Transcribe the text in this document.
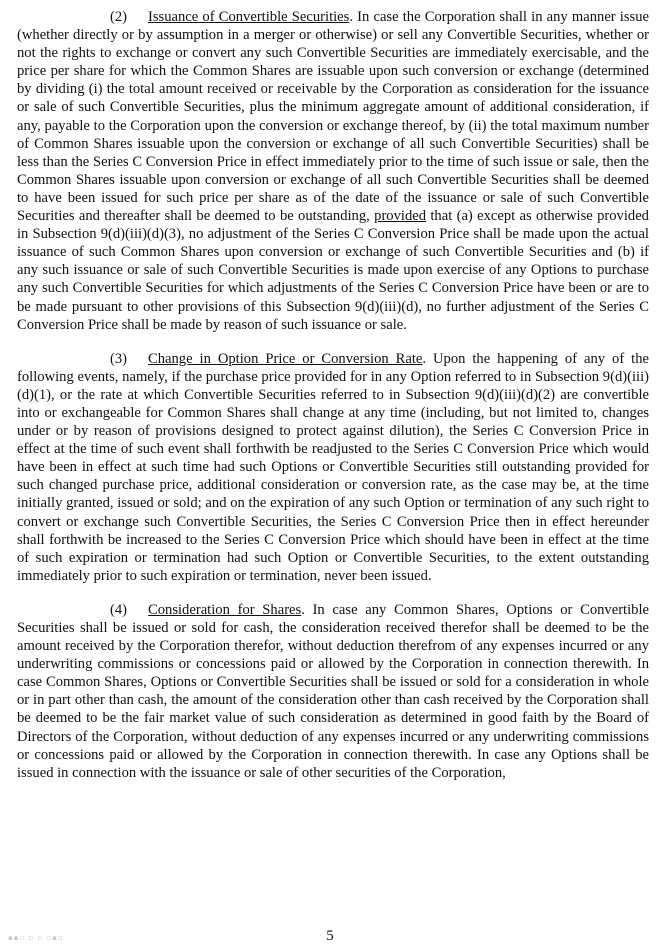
(2) Issuance of Convertible Securities. In case the Corporation shall in any manner issue (whether directly or by assumption in a merger or otherwise) or sell any Convertible Securities, whether or not the rights to exchange or convert any such Convertible Securities are immediately exercisable, and the price per share for which the Common Shares are issuable upon such conversion or exchange (determined by dividing (i) the total amount received or receivable by the Corporation as consideration for the issuance or sale of such Convertible Securities, plus the minimum aggregate amount of additional consideration, if any, payable to the Corporation upon the conversion or exchange thereof, by (ii) the total maximum number of Common Shares issuable upon the conversion or exchange of all such Convertible Securities) shall be less than the Series C Conversion Price in effect immediately prior to the time of such issue or sale, then the Common Shares issuable upon conversion or exchange of all such Convertible Securities shall be deemed to have been issued for such price per share as of the date of the issuance or sale of such Convertible Securities and thereafter shall be deemed to be outstanding, provided that (a) except as otherwise provided in Subsection 9(d)(iii)(d)(3), no adjustment of the Series C Conversion Price shall be made upon the actual issuance of such Common Shares upon conversion or exchange of such Convertible Securities and (b) if any such issuance or sale of such Convertible Securities is made upon exercise of any Options to purchase any such Convertible Securities for which adjustments of the Series C Conversion Price have been or are to be made pursuant to other provisions of this Subsection 9(d)(iii)(d), no further adjustment of the Series C Conversion Price shall be made by reason of such issuance or sale.

(3) Change in Option Price or Conversion Rate. Upon the happening of any of the following events, namely, if the purchase price provided for in any Option referred to in Subsection 9(d)(iii)(d)(1), or the rate at which Convertible Securities referred to in Subsection 9(d)(iii)(d)(2) are convertible into or exchangeable for Common Shares shall change at any time (including, but not limited to, changes under or by reason of provisions designed to protect against dilution), the Series C Conversion Price in effect at the time of such event shall forthwith be readjusted to the Series C Conversion Price which would have been in effect at such time had such Options or Convertible Securities still outstanding provided for such changed purchase price, additional consideration or conversion rate, as the case may be, at the time initially granted, issued or sold; and on the expiration of any such Option or termination of any such right to convert or exchange such Convertible Securities, the Series C Conversion Price then in effect hereunder shall forthwith be increased to the Series C Conversion Price which should have been in effect at the time of such expiration or termination had such Option or Convertible Securities, to the extent outstanding immediately prior to such expiration or termination, never been issued.

(4) Consideration for Shares. In case any Common Shares, Options or Convertible Securities shall be issued or sold for cash, the consideration received therefor shall be deemed to be the amount received by the Corporation therefor, without deduction therefrom of any expenses incurred or any underwriting commissions or concessions paid or allowed by the Corporation in connection therewith. In case Common Shares, Options or Convertible Securities shall be issued or sold for a consideration in whole or in part other than cash, the amount of the consideration other than cash received by the Corporation shall be deemed to be the fair market value of such consideration as determined in good faith by the Board of Directors of the Corporation, without deduction of any expenses incurred or any underwriting commissions or concessions paid or allowed by the Corporation in connection therewith. In case any Options shall be issued in connection with the issuance or sale of other securities of the Corporation,

▪▪▫ ▫ ▫ ▫▪▫	5
